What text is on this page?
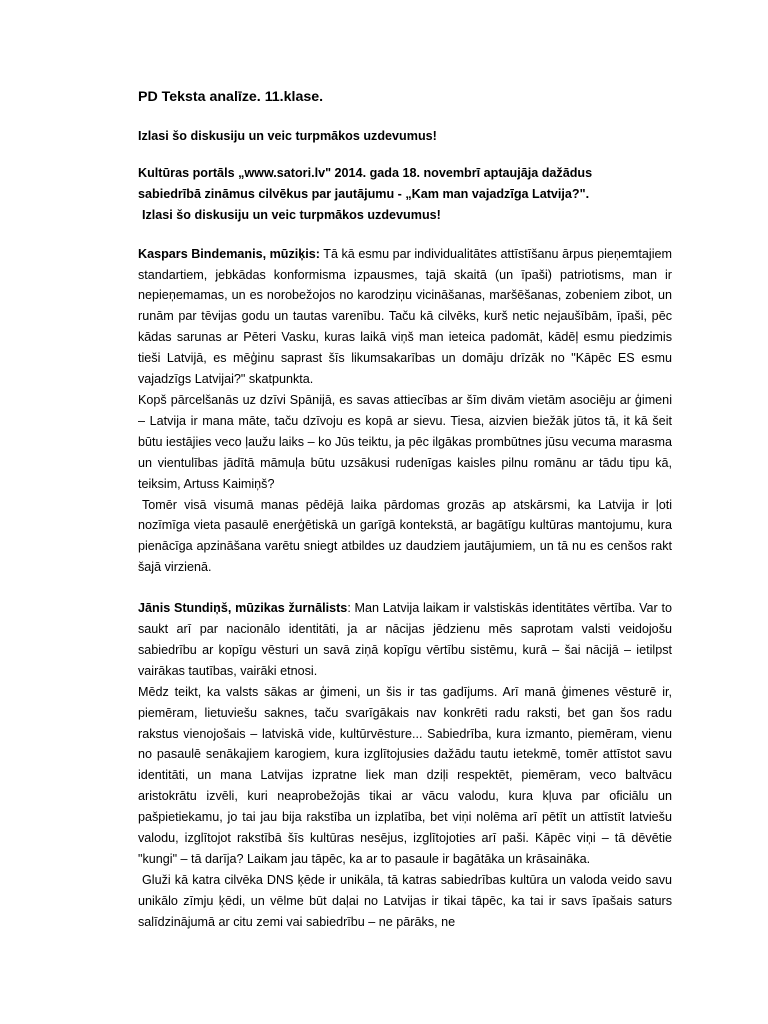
PD Teksta analīze. 11.klase.

Izlasi šo diskusiju un veic turpmākos uzdevumus!

Kultūras portāls „www.satori.lv" 2014. gada 18. novembrī aptaujāja dažādus
sabiedrībā zināmus cilvēkus par jautājumu - „Kam man vajadzīga Latvija?".
Izlasi šo diskusiju un veic turpmākos uzdevumus!

Kaspars Bindemanis, mūziķis: Tā kā esmu par individualitātes attīstīšanu ārpus pieņemtajiem standartiem, jebkādas konformisma izpausmes, tajā skaitā (un īpaši) patriotisms, man ir nepieņemamas, un es norobežojos no karodziņu vicināšanas, maršēšanas, zobeniem zibot, un runām par tēvijas godu un tautas varenību. Taču kā cilvēks, kurš netic nejaušībām, īpaši, pēc kādas sarunas ar Pēteri Vasku, kuras laikā viņš man ieteica padomāt, kādēļ esmu piedzimis tieši Latvijā, es mēģinu saprast šīs likumsakarības un domāju drīzāk no "Kāpēc ES esmu vajadzīgs Latvijai?" skatpunkta.

Kopš pārcelšanās uz dzīvi Spānijā, es savas attiecības ar šīm divām vietām asociēju ar ģimeni – Latvija ir mana māte, taču dzīvoju es kopā ar sievu. Tiesa, aizvien biežāk jūtos tā, it kā šeit būtu iestājies veco ļaužu laiks – ko Jūs teiktu, ja pēc ilgākas prombūtnes jūsu vecuma marasma un vientulības jādītā māmuļa būtu uzsākusi rudenīgas kaisles pilnu romānu ar tādu tipu kā, teiksim, Artuss Kaimiņš?

Tomēr visā visumā manas pēdējā laika pārdomas grozās ap atskārsmi, ka Latvija ir ļoti nozīmīga vieta pasaulē enerģētiskā un garīgā kontekstā, ar bagātīgu kultūras mantojumu, kura pienācīga apzināšana varētu sniegt atbildes uz daudziem jautājumiem, un tā nu es cenšos rakt šajā virzienā.

Jānis Stundiņš, mūzikas žurnālists: Man Latvija laikam ir valstiskās identitātes vērtība. Var to saukt arī par nacionālo identitāti, ja ar nācijas jēdzienu mēs saprotam valsti veidojošu sabiedrību ar kopīgu vēsturi un savā ziņā kopīgu vērtību sistēmu, kurā – šai nācijā – ietilpst vairākas tautības, vairāki etnosi.

Mēdz teikt, ka valsts sākas ar ģimeni, un šis ir tas gadījums. Arī manā ģimenes vēsturē ir, piemēram, lietuviešu saknes, taču svarīgākais nav konkrēti radu raksti, bet gan šos radu rakstus vienojošais – latviskā vide, kultūrvēsture... Sabiedrība, kura izmanto, piemēram, vienu no pasaulē senākajiem karogiem, kura izglītojusies dažādu tautu ietekmē, tomēr attīstot savu identitāti, un mana Latvijas izpratne liek man dziļi respektēt, piemēram, veco baltvācu aristokrātu izvēli, kuri neaprobežojās tikai ar vācu valodu, kura kļuva par oficiālu un pašpietiekamu, jo tai jau bija rakstība un izplatība, bet viņi nolēma arī pētīt un attīstīt latviešu valodu, izglītojot rakstībā šīs kultūras nesējus, izglītojoties arī paši. Kāpēc viņi – tā dēvētie "kungi" – tā darīja? Laikam jau tāpēc, ka ar to pasaule ir bagātāka un krāsaināka.

Gluži kā katra cilvēka DNS ķēde ir unikāla, tā katras sabiedrības kultūra un valoda veido savu unikālo zīmju ķēdi, un vēlme būt daļai no Latvijas ir tikai tāpēc, ka tai ir savs īpašais saturs salīdzinājumā ar citu zemi vai sabiedrību – ne pārāks, ne
